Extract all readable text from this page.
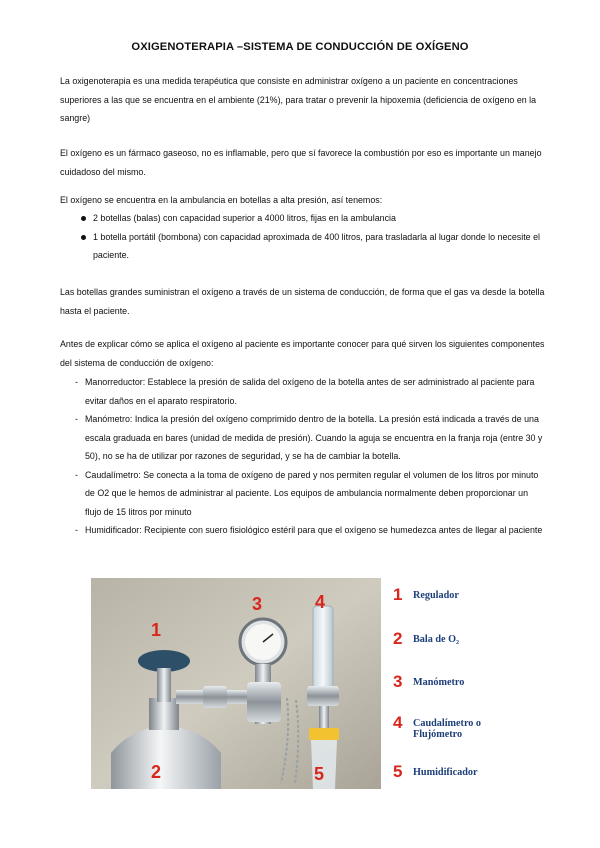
OXIGENOTERAPIA –SISTEMA DE CONDUCCIÓN DE OXÍGENO

La oxigenoterapia es una medida terapéutica que consiste en administrar oxígeno a un paciente en concentraciones superiores a las que se encuentra en el ambiente (21%), para tratar o prevenir la hipoxemia (deficiencia de oxígeno en la sangre)

El oxígeno es un fármaco gaseoso, no es inflamable, pero que sí favorece la combustión por eso es importante un manejo cuidadoso del mismo.

El oxígeno se encuentra en la ambulancia en botellas a alta presión, así tenemos:

2 botellas (balas) con capacidad superior a 4000 litros, fijas en la ambulancia
1 botella portátil (bombona) con capacidad aproximada de 400 litros, para trasladarla al lugar donde lo necesite el paciente.

Las botellas grandes suministran el oxígeno a través de un sistema de conducción, de forma que el gas va desde la botella hasta el paciente.

Antes de explicar cómo se aplica el oxígeno al paciente es importante conocer para qué sirven los siguientes componentes del sistema de conducción de oxígeno:

- Manorreductor: Establece la presión de salida del oxígeno de la botella antes de ser administrado al paciente para evitar daños en el aparato respiratorio.
- Manómetro: Indica la presión del oxígeno comprimido dentro de la botella. La presión está indicada a través de una escala graduada en bares (unidad de medida de presión). Cuando la aguja se encuentra en la franja roja (entre 30 y 50), no se ha de utilizar por razones de seguridad, y se ha de cambiar la botella.
- Caudalímetro: Se conecta a la toma de oxígeno de pared y nos permiten regular el volumen de los litros por minuto de O2 que le hemos de administrar al paciente. Los equipos de ambulancia normalmente deben proporcionar un flujo de 15 litros por minuto
- Humidificador: Recipiente con suero fisiológico estéril para que el oxígeno se humedezca antes de llegar al paciente
1
2
3	4
5
1 Regulador
2 Bala de O₂
3 Manómetro
4 Caudalímetro o Flujómetro
5 Humidificador
